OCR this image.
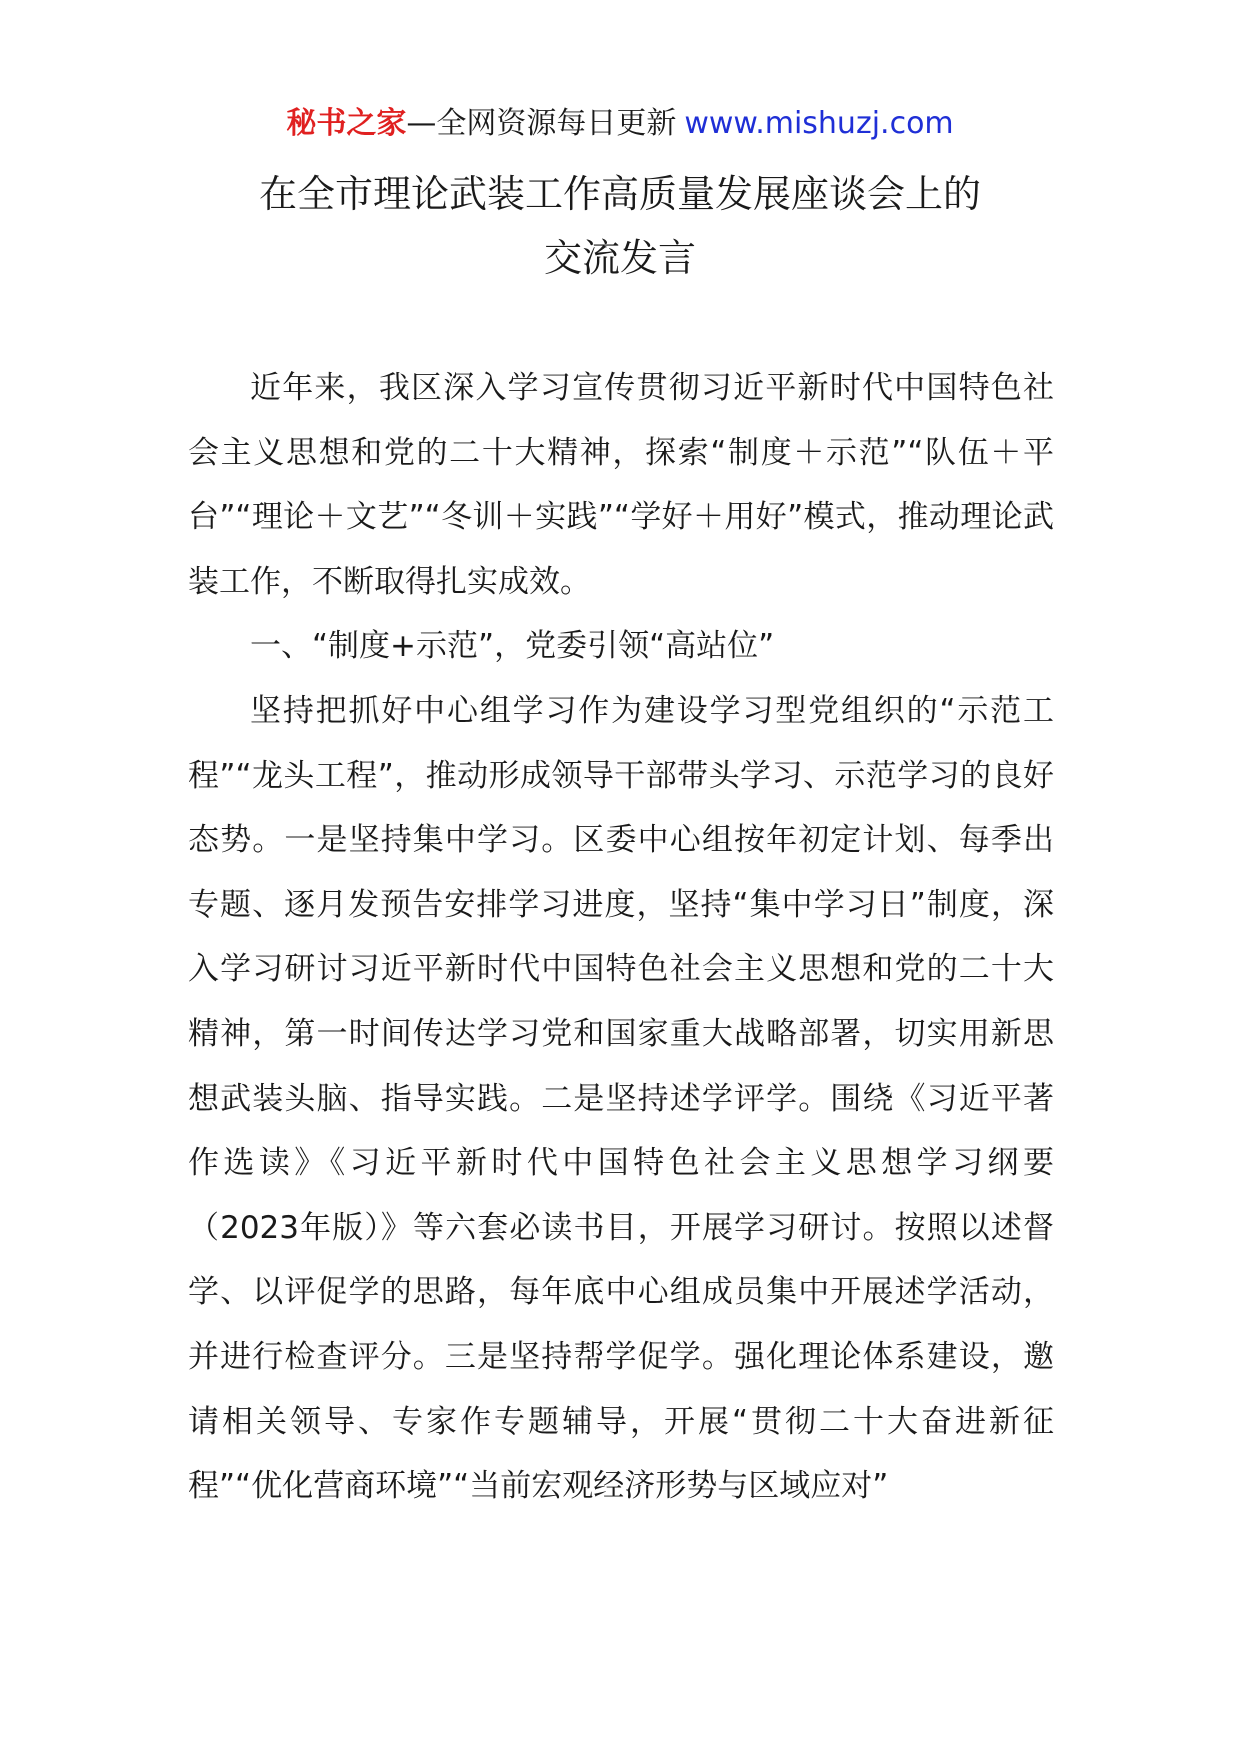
秘书之家—全网资源每日更新 www.mishuzj.com
在全市理论武装工作高质量发展座谈会上的
交流发言

近年来，我区深入学习宣传贯彻习近平新时代中国特色社会主义思想和党的二十大精神，探索“制度＋示范”“队伍＋平台”“理论＋文艺”“冬训＋实践”“学好＋用好”模式，推动理论武装工作，不断取得扎实成效。

一、“制度+示范”，党委引领“高站位”

坚持把抓好中心组学习作为建设学习型党组织的“示范工程”“龙头工程”，推动形成领导干部带头学习、示范学习的良好态势。一是坚持集中学习。区委中心组按年初定计划、每季出专题、逐月发预告安排学习进度，坚持“集中学习日”制度，深入学习研讨习近平新时代中国特色社会主义思想和党的二十大精神，第一时间传达学习党和国家重大战略部署，切实用新思想武装头脑、指导实践。二是坚持述学评学。围绕《习近平著作选读》《习近平新时代中国特色社会主义思想学习纲要（2023年版）》等六套必读书目，开展学习研讨。按照以述督学、以评促学的思路，每年底中心组成员集中开展述学活动，并进行检查评分。三是坚持帮学促学。强化理论体系建设，邀请相关领导、专家作专题辅导，开展“贯彻二十大奋进新征程”“优化营商环境”“当前宏观经济形势与区域应对”
